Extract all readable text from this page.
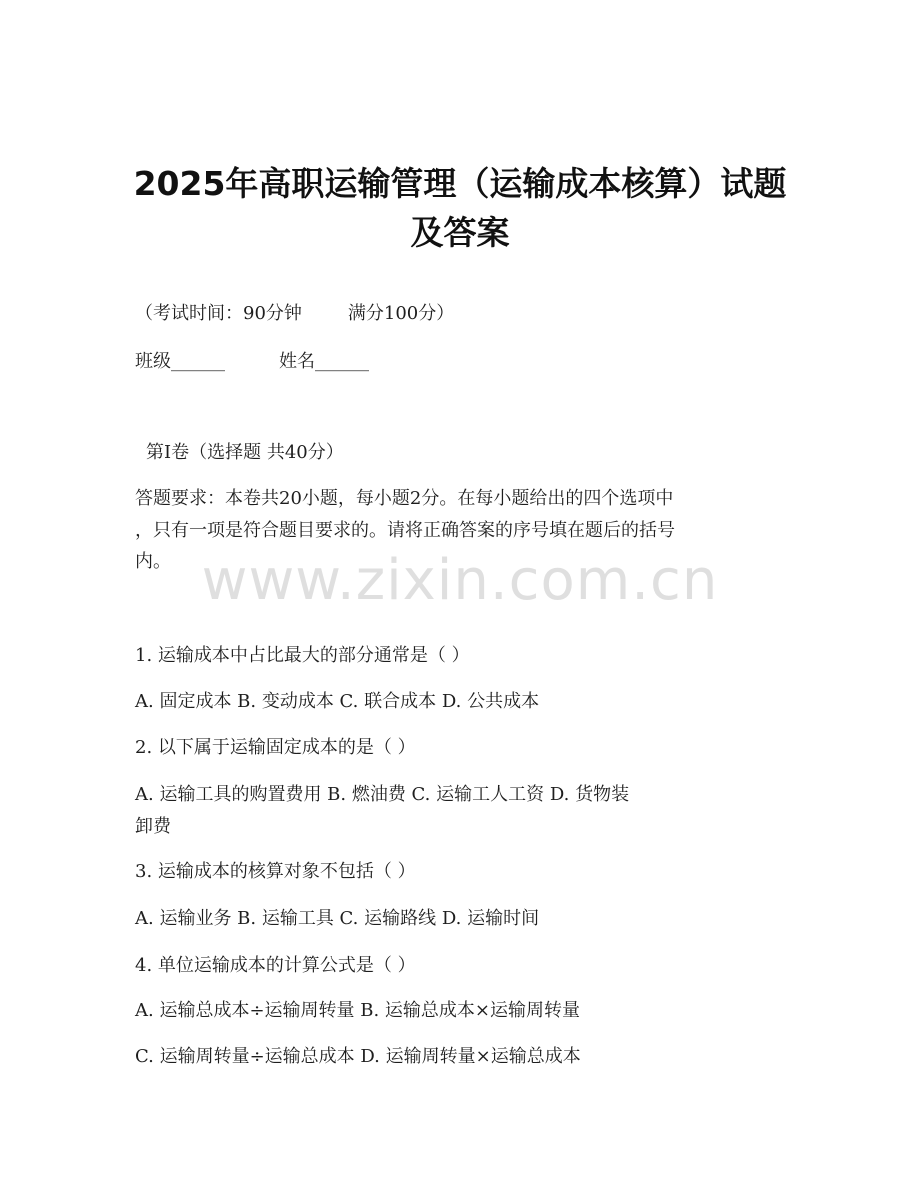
2025年高职运输管理（运输成本核算）试题
及答案
（考试时间：90分钟	满分100分）
班级______	姓名______
第Ⅰ卷（选择题 共40分）
答题要求：本卷共20小题，每小题2分。在每小题给出的四个选项中
，只有一项是符合题目要求的。请将正确答案的序号填在题后的括号
内。 www.zixin.com.cn
1. 运输成本中占比最大的部分通常是（ ）
A. 固定成本 B. 变动成本 C. 联合成本 D. 公共成本
2. 以下属于运输固定成本的是（ ）
A. 运输工具的购置费用 B. 燃油费 C. 运输工人工资 D. 货物装
卸费
3. 运输成本的核算对象不包括（ ）
A. 运输业务 B. 运输工具 C. 运输路线 D. 运输时间
4. 单位运输成本的计算公式是（ ）
A. 运输总成本÷运输周转量 B. 运输总成本×运输周转量
C. 运输周转量÷运输总成本 D. 运输周转量×运输总成本
